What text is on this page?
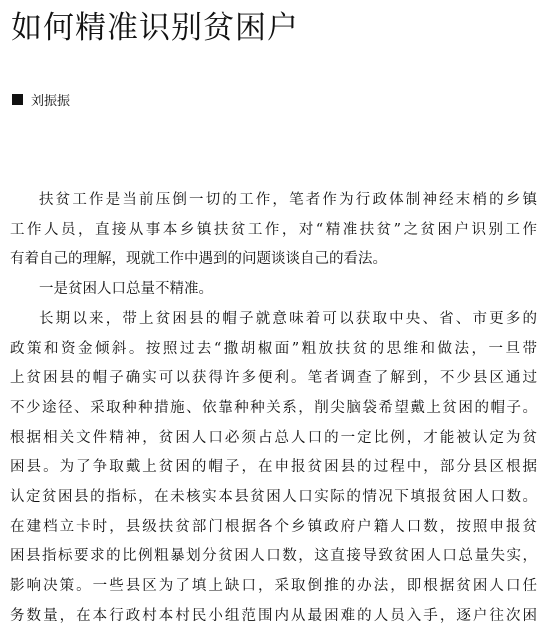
如何精准识别贫困户
刘振振
扶贫工作是当前压倒一切的工作，笔者作为行政体制神经末梢的乡镇
工作人员，直接从事本乡镇扶贫工作，对“精准扶贫”之贫困户识别工作
有着自己的理解，现就工作中遇到的问题谈谈自己的看法。
一是贫困人口总量不精准。
长期以来，带上贫困县的帽子就意味着可以获取中央、省、市更多的
政策和资金倾斜。按照过去“撒胡椒面”粗放扶贫的思维和做法，一旦带
上贫困县的帽子确实可以获得许多便利。笔者调查了解到，不少县区通过
不少途径、采取种种措施、依靠种种关系，削尖脑袋希望戴上贫困的帽子。
根据相关文件精神，贫困人口必须占总人口的一定比例，才能被认定为贫
困县。为了争取戴上贫困的帽子，在申报贫困县的过程中，部分县区根据
认定贫困县的指标，在未核实本县贫困人口实际的情况下填报贫困人口数。
在建档立卡时，县级扶贫部门根据各个乡镇政府户籍人口数，按照申报贫
困县指标要求的比例粗暴划分贫困人口数，这直接导致贫困人口总量失实，
影响决策。一些县区为了填上缺口，采取倒推的办法，即根据贫困人口任
务数量，在本行政村本村民小组范围内从最困难的人员入手，逐户往次困
